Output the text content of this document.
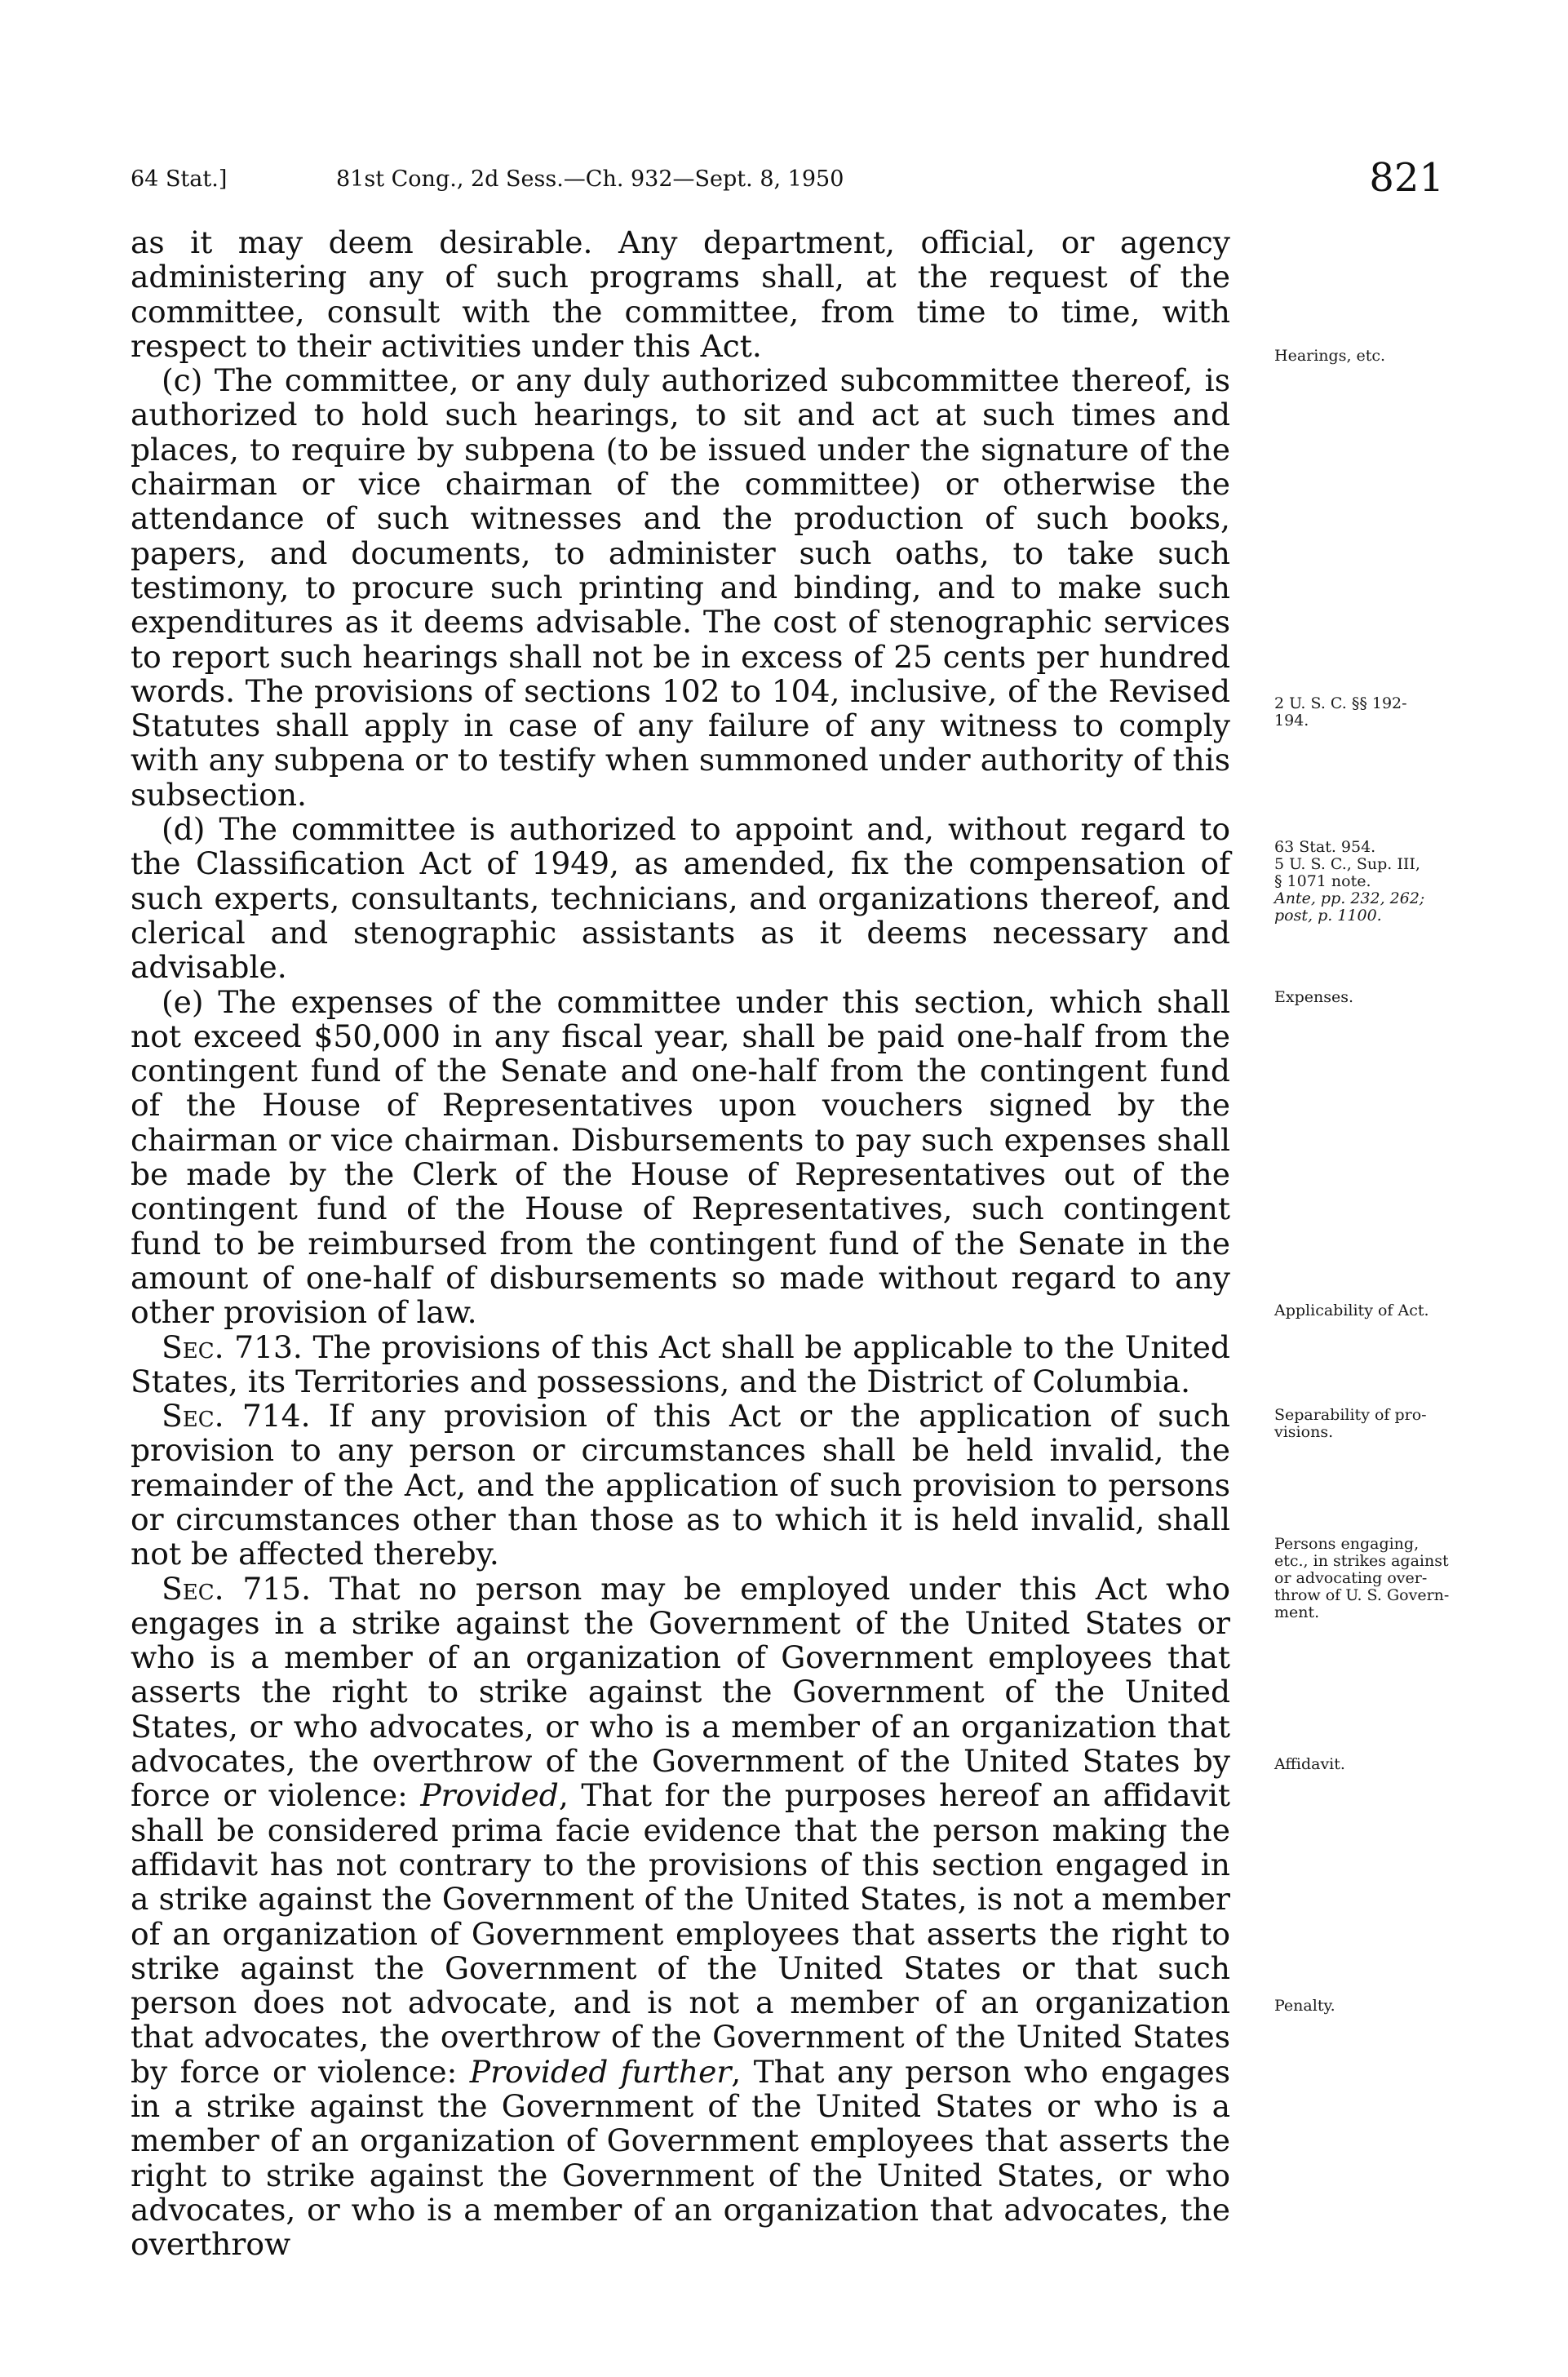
64 Stat.]	81st Cong., 2d Sess.—Ch. 932—Sept. 8, 1950	821

as it may deem desirable. Any department, official, or agency administering any of such programs shall, at the request of the committee, consult with the committee, from time to time, with respect to their activities under this Act.

(c) The committee, or any duly authorized subcommittee thereof, is authorized to hold such hearings, to sit and act at such times and places, to require by subpena (to be issued under the signature of the chairman or vice chairman of the committee) or otherwise the attendance of such witnesses and the production of such books, papers, and documents, to administer such oaths, to take such testimony, to procure such printing and binding, and to make such expenditures as it deems advisable. The cost of stenographic services to report such hearings shall not be in excess of 25 cents per hundred words. The provisions of sections 102 to 104, inclusive, of the Revised Statutes shall apply in case of any failure of any witness to comply with any subpena or to testify when summoned under authority of this subsection.

(d) The committee is authorized to appoint and, without regard to the Classification Act of 1949, as amended, fix the compensation of such experts, consultants, technicians, and organizations thereof, and clerical and stenographic assistants as it deems necessary and advisable.

(e) The expenses of the committee under this section, which shall not exceed $50,000 in any fiscal year, shall be paid one-half from the contingent fund of the Senate and one-half from the contingent fund of the House of Representatives upon vouchers signed by the chairman or vice chairman. Disbursements to pay such expenses shall be made by the Clerk of the House of Representatives out of the contingent fund of the House of Representatives, such contingent fund to be reimbursed from the contingent fund of the Senate in the amount of one-half of disbursements so made without regard to any other provision of law.

Sec. 713. The provisions of this Act shall be applicable to the United States, its Territories and possessions, and the District of Columbia.

Sec. 714. If any provision of this Act or the application of such provision to any person or circumstances shall be held invalid, the remainder of the Act, and the application of such provision to persons or circumstances other than those as to which it is held invalid, shall not be affected thereby.

Sec. 715. That no person may be employed under this Act who engages in a strike against the Government of the United States or who is a member of an organization of Government employees that asserts the right to strike against the Government of the United States, or who advocates, or who is a member of an organization that advocates, the overthrow of the Government of the United States by force or violence: Provided, That for the purposes hereof an affidavit shall be considered prima facie evidence that the person making the affidavit has not contrary to the provisions of this section engaged in a strike against the Government of the United States, is not a member of an organization of Government employees that asserts the right to strike against the Government of the United States or that such person does not advocate, and is not a member of an organization that advocates, the overthrow of the Government of the United States by force or violence: Provided further, That any person who engages in a strike against the Government of the United States or who is a member of an organization of Government employees that asserts the right to strike against the Government of the United States, or who advocates, or who is a member of an organization that advocates, the overthrow

Hearings, etc.
2 U. S. C. §§ 192-
194.
63 Stat. 954.
5 U. S. C., Sup. III,
§ 1071 note.
Ante, pp. 232, 262;
post, p. 1100.
Expenses.
Applicability of Act.
Separability of pro-
visions.
Persons engaging,
etc., in strikes against
or advocating over-
throw of U. S. Govern-
ment.
Affidavit.
Penalty.
